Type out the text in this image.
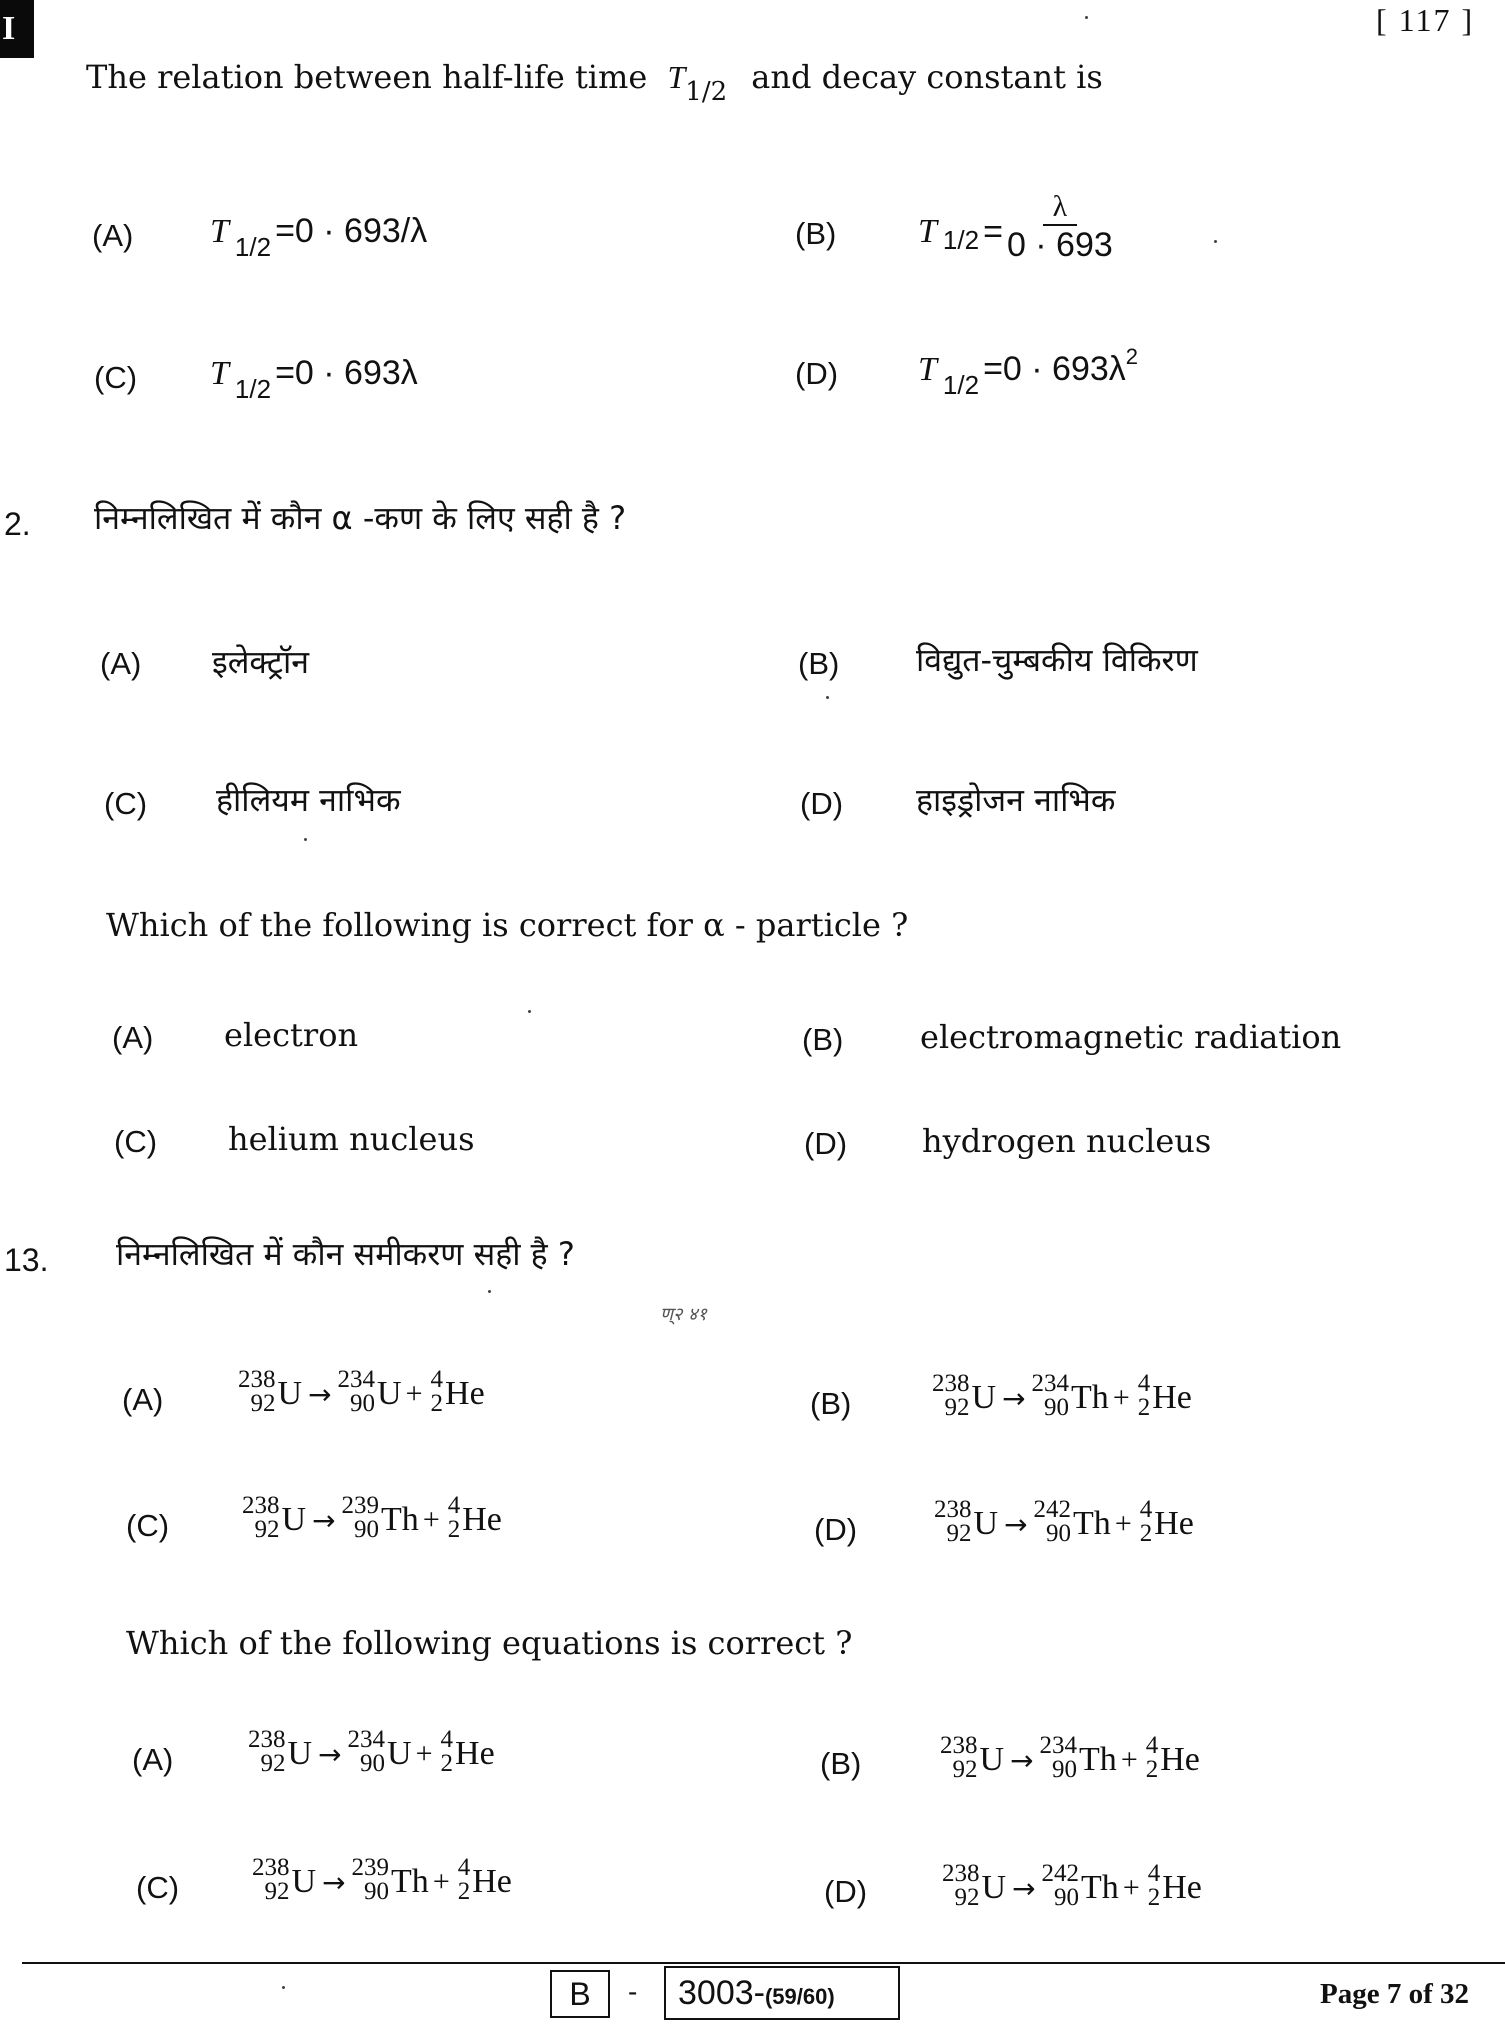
I	[ 117 ]
The relation between half-life time $T_{1/2}$ and decay constant is
(A) T $_{1/2}$ =0 · 693/λ	(B) T $1/2 = \frac{\lambda}{0 \cdot 693}$
(C) T $_{1/2}$ =0 · 693λ	(D) T $_{1/2} =0 \cdot 693\lambda^2$
2. निम्नलिखित में कौन α -कण के लिए सही है ?
(A) इलेक्ट्रॉन	(B) विद्युत-चुम्बकीय विकिरण
(C) हीलियम नाभिक	(D) हाइड्रोजन नाभिक
Which of the following is correct for α - particle ?
(A) electron	(B) electromagnetic radiation
(C) helium nucleus	(D) hydrogen nucleus
13. निम्नलिखित में कौन समीकरण सही है ?
ण्२ ४१
(A)
238
92 U → 234
90 U + 4
2 He	(B)
238
92 U → 234
90 Th + 4
2 He
(C)
238
92 U → 239
90 Th + 4
2 He	(D)
238
92 U → 242
90 Th + 4
2 He
Which of the following equations is correct ?
(A)
238
92 U → 234
90 U + 4
2 He	(B)
238
92 U → 234
90 Th + 4
2 He
(C)
238
92 U → 239
90 Th + 4
2 He	(D)
238
92 U → 242
90 Th + 4
2 He
B	- 3003- (59/60)	Page 7 of 32
